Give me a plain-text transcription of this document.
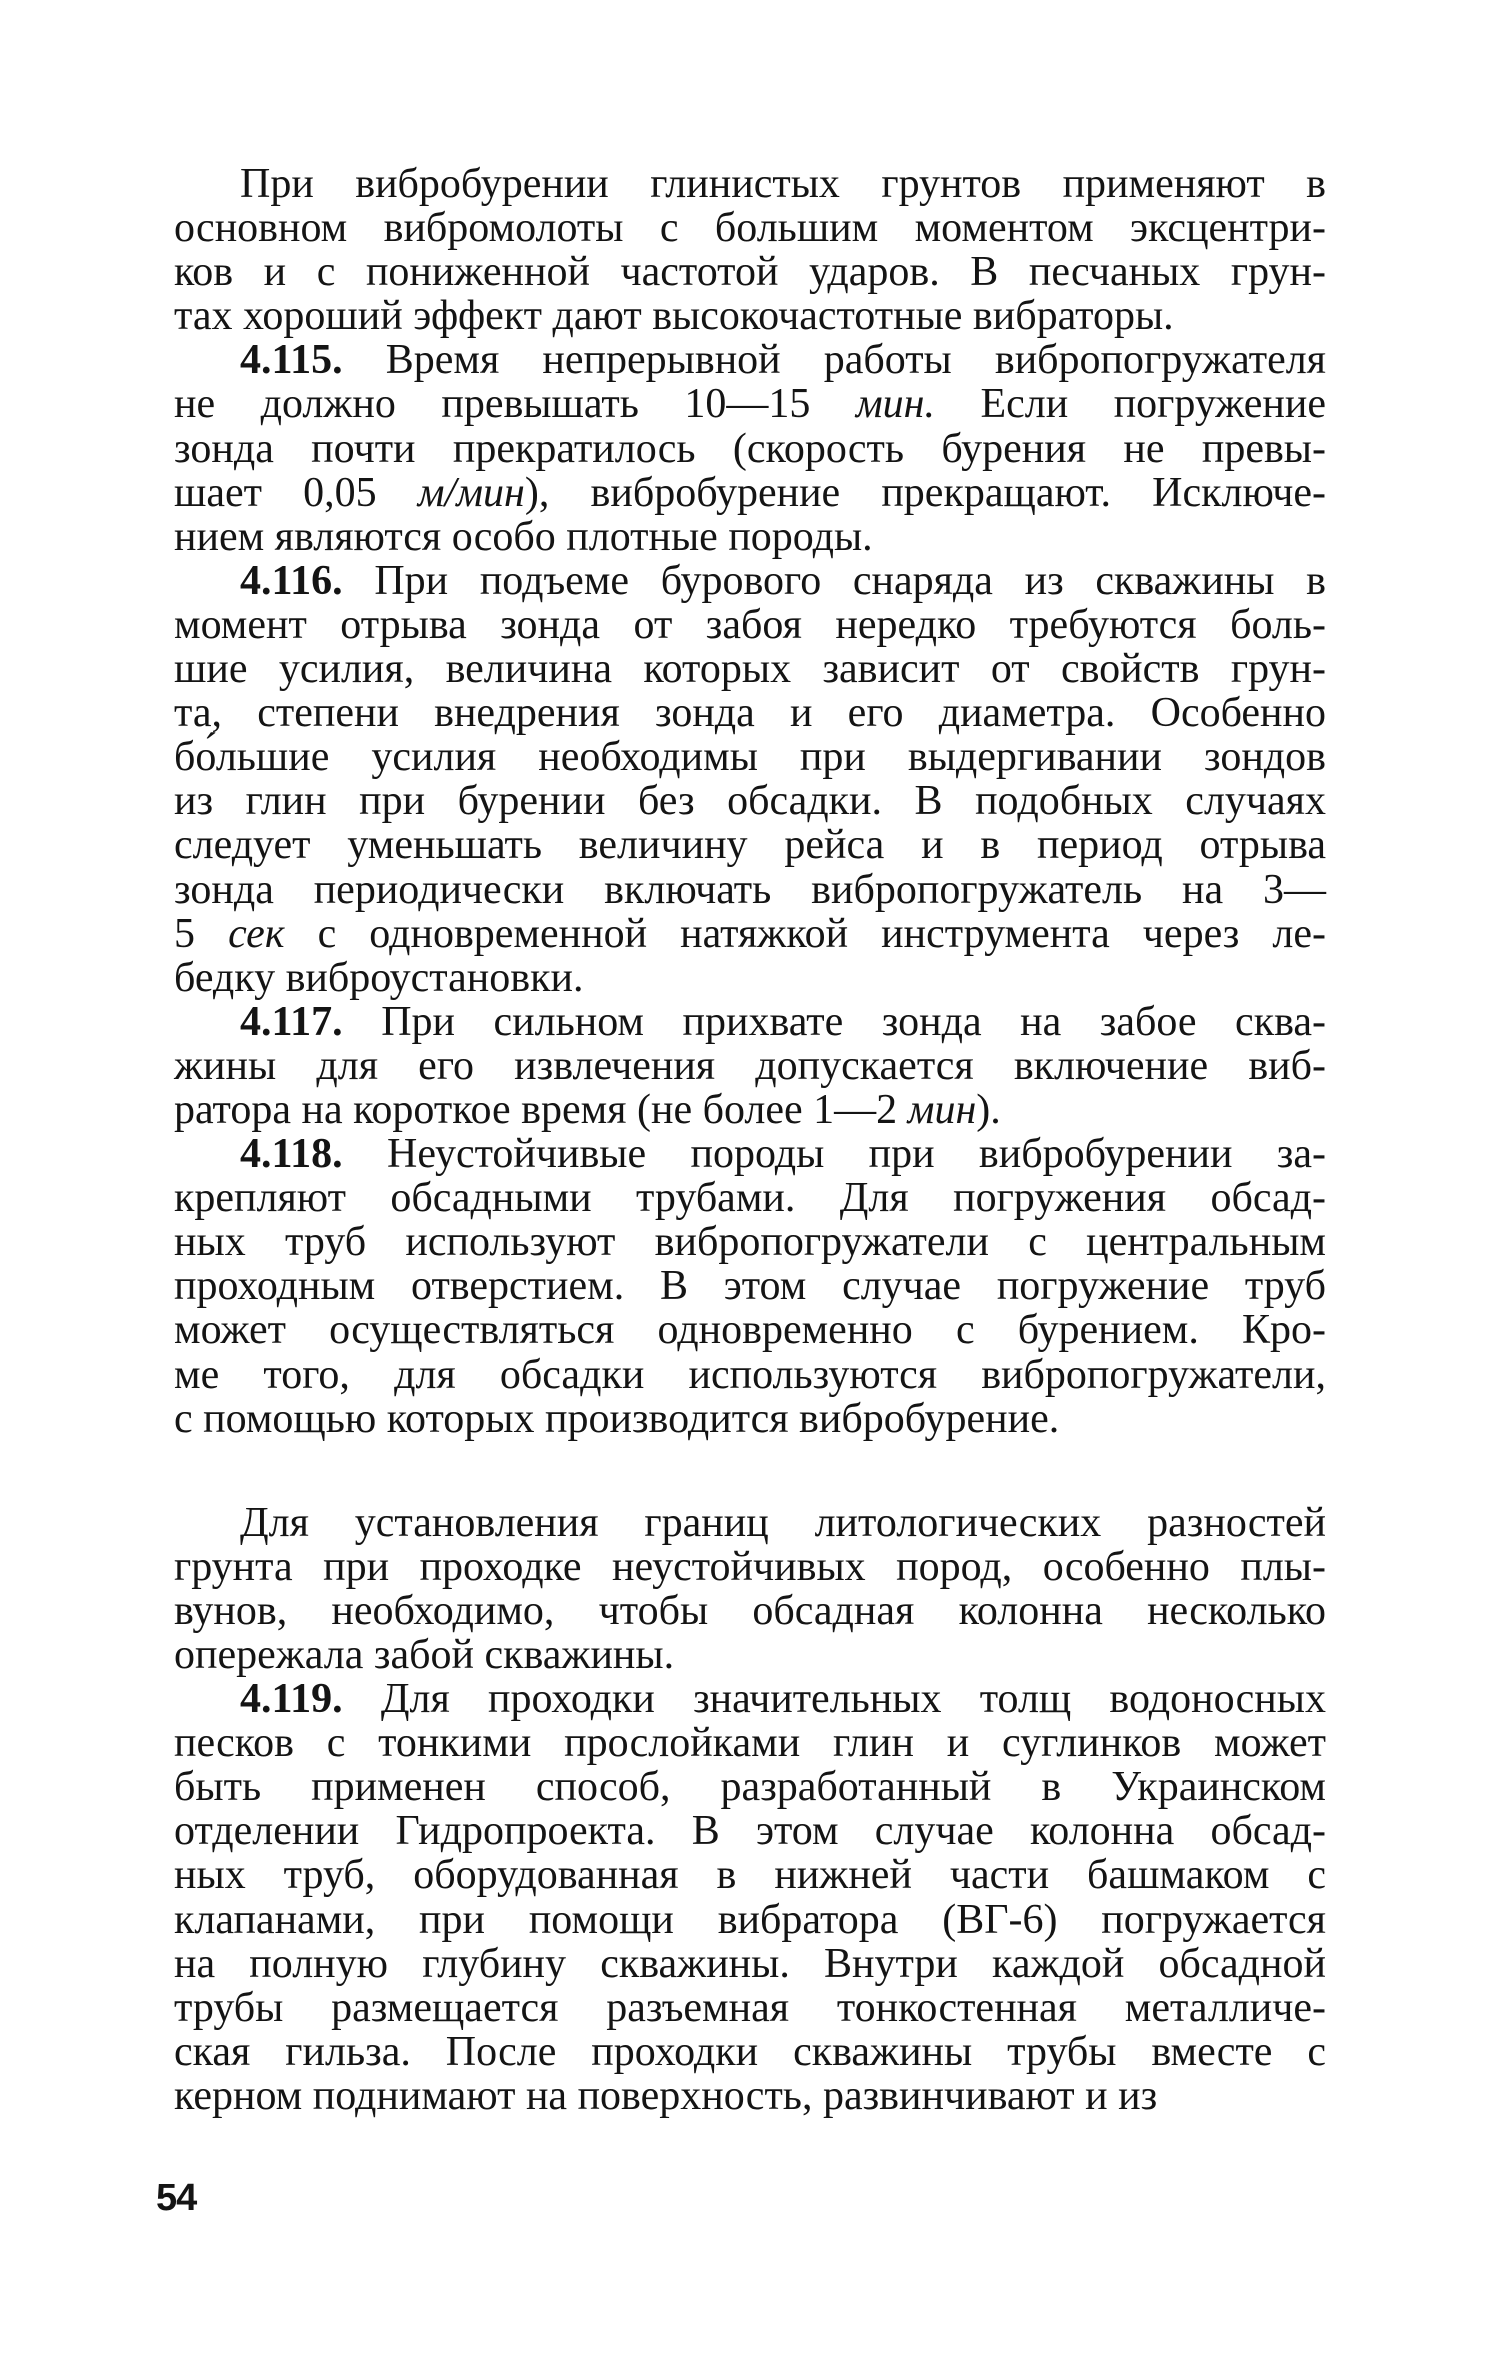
При вибробурении глинистых грунтов применяют в
основном вибромолоты с большим моментом эксцентри-
ков и с пониженной частотой ударов. В песчаных грун-
тах хороший эффект дают высокочастотные вибраторы.
4.115. Время непрерывной работы вибропогружателя
не должно превышать 10—15 мин. Если погружение
зонда почти прекратилось (скорость бурения не превы-
шает 0,05 м/мин), вибробурение прекращают. Исключе-
нием являются особо плотные породы.
4.116. При подъеме бурового снаряда из скважины в
момент отрыва зонда от забоя нередко требуются боль-
шие усилия, величина которых зависит от свойств грун-
та, степени внедрения зонда и его диаметра. Особенно
бо́льшие усилия необходимы при выдергивании зондов
из глин при бурении без обсадки. В подобных случаях
следует уменьшать величину рейса и в период отрыва
зонда периодически включать вибропогружатель на 3—
5 сек с одновременной натяжкой инструмента через ле-
бедку виброустановки.
4.117. При сильном прихвате зонда на забое сква-
жины для его извлечения допускается включение виб-
ратора на короткое время (не более 1—2 мин).
4.118. Неустойчивые породы при вибробурении за-
крепляют обсадными трубами. Для погружения обсад-
ных труб используют вибропогружатели с центральным
проходным отверстием. В этом случае погружение труб
может осуществляться одновременно с бурением. Кро-
ме того, для обсадки используются вибропогружатели,
с помощью которых производится вибробурение.
Для установления границ литологических разностей
грунта при проходке неустойчивых пород, особенно плы-
вунов, необходимо, чтобы обсадная колонна несколько
опережала забой скважины.
4.119. Для проходки значительных толщ водоносных
песков с тонкими прослойками глин и суглинков может
быть применен способ, разработанный в Украинском
отделении Гидропроекта. В этом случае колонна обсад-
ных труб, оборудованная в нижней части башмаком с
клапанами, при помощи вибратора (ВГ-6) погружается
на полную глубину скважины. Внутри каждой обсадной
трубы размещается разъемная тонкостенная металличе-
ская гильза. После проходки скважины трубы вместе с
керном поднимают на поверхность, развинчивают и из
54
